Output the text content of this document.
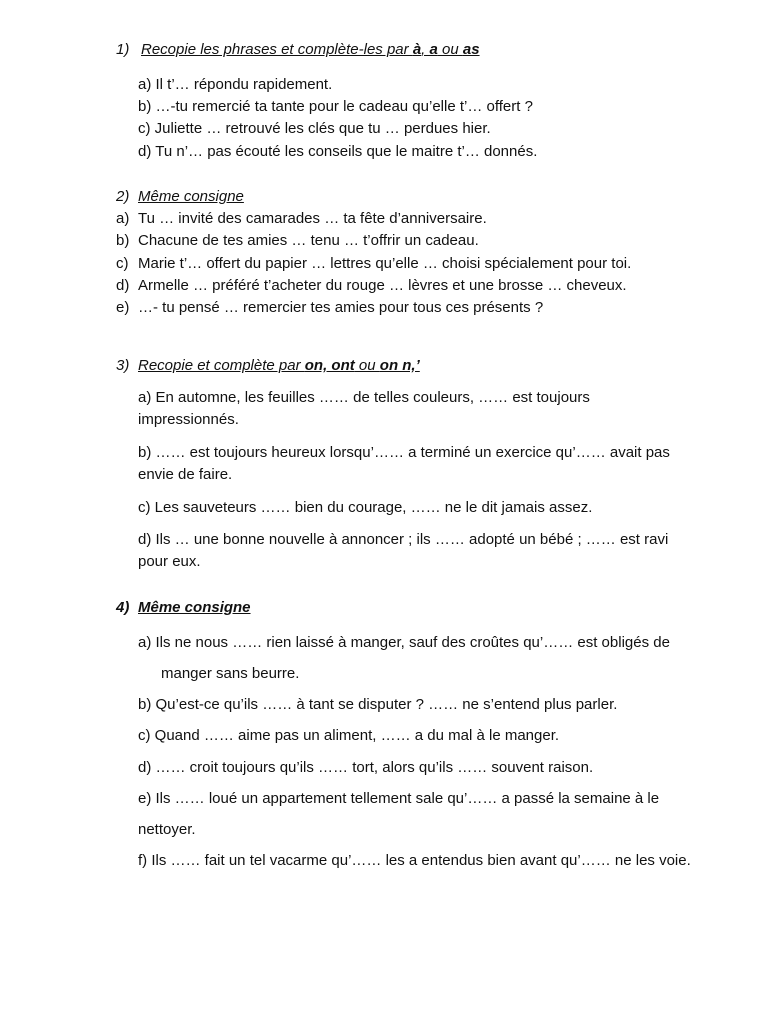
1) Recopie les phrases et complète-les par à, a ou as
a) Il t’… répondu rapidement.
b) …-tu remercié ta tante pour le cadeau qu’elle t’… offert ?
c) Juliette … retrouvé les clés que tu … perdues hier.
d) Tu n’… pas écouté les conseils que le maitre t’… donnés.
2) Même consigne
a) Tu … invité des camarades … ta fête d’anniversaire.
b) Chacune de tes amies … tenu … t’offrir un cadeau.
c) Marie t’… offert du papier … lettres qu’elle … choisi spécialement pour toi.
d) Armelle … préféré t’acheter du rouge … lèvres et une brosse … cheveux.
e) …- tu pensé … remercier tes amies pour tous ces présents ?
3) Recopie et complète par on, ont ou on n,’
a) En automne, les feuilles …… de telles couleurs, …… est toujours
impressionnés.
b) …… est toujours heureux lorsqu’…… a terminé un exercice qu’…… avait pas
envie de faire.
c) Les sauveteurs …… bien du courage, …… ne le dit jamais assez.
d) Ils … une bonne nouvelle à annoncer ; ils …… adopté un bébé ; …… est ravi
pour eux.
4) Même consigne
a) Ils ne nous …… rien laissé à manger, sauf des croûtes qu’…… est obligés de
manger sans beurre.
b) Qu’est-ce qu’ils …… à tant se disputer ? …… ne s’entend plus parler.
c) Quand …… aime pas un aliment, …… a du mal à le manger.
d) …… croit toujours qu’ils …… tort, alors qu’ils …… souvent raison.
e) Ils …… loué un appartement tellement sale qu’…… a passé la semaine à le
nettoyer.
f) Ils …… fait un tel vacarme qu’…… les a entendus bien avant qu’…… ne les voie.
